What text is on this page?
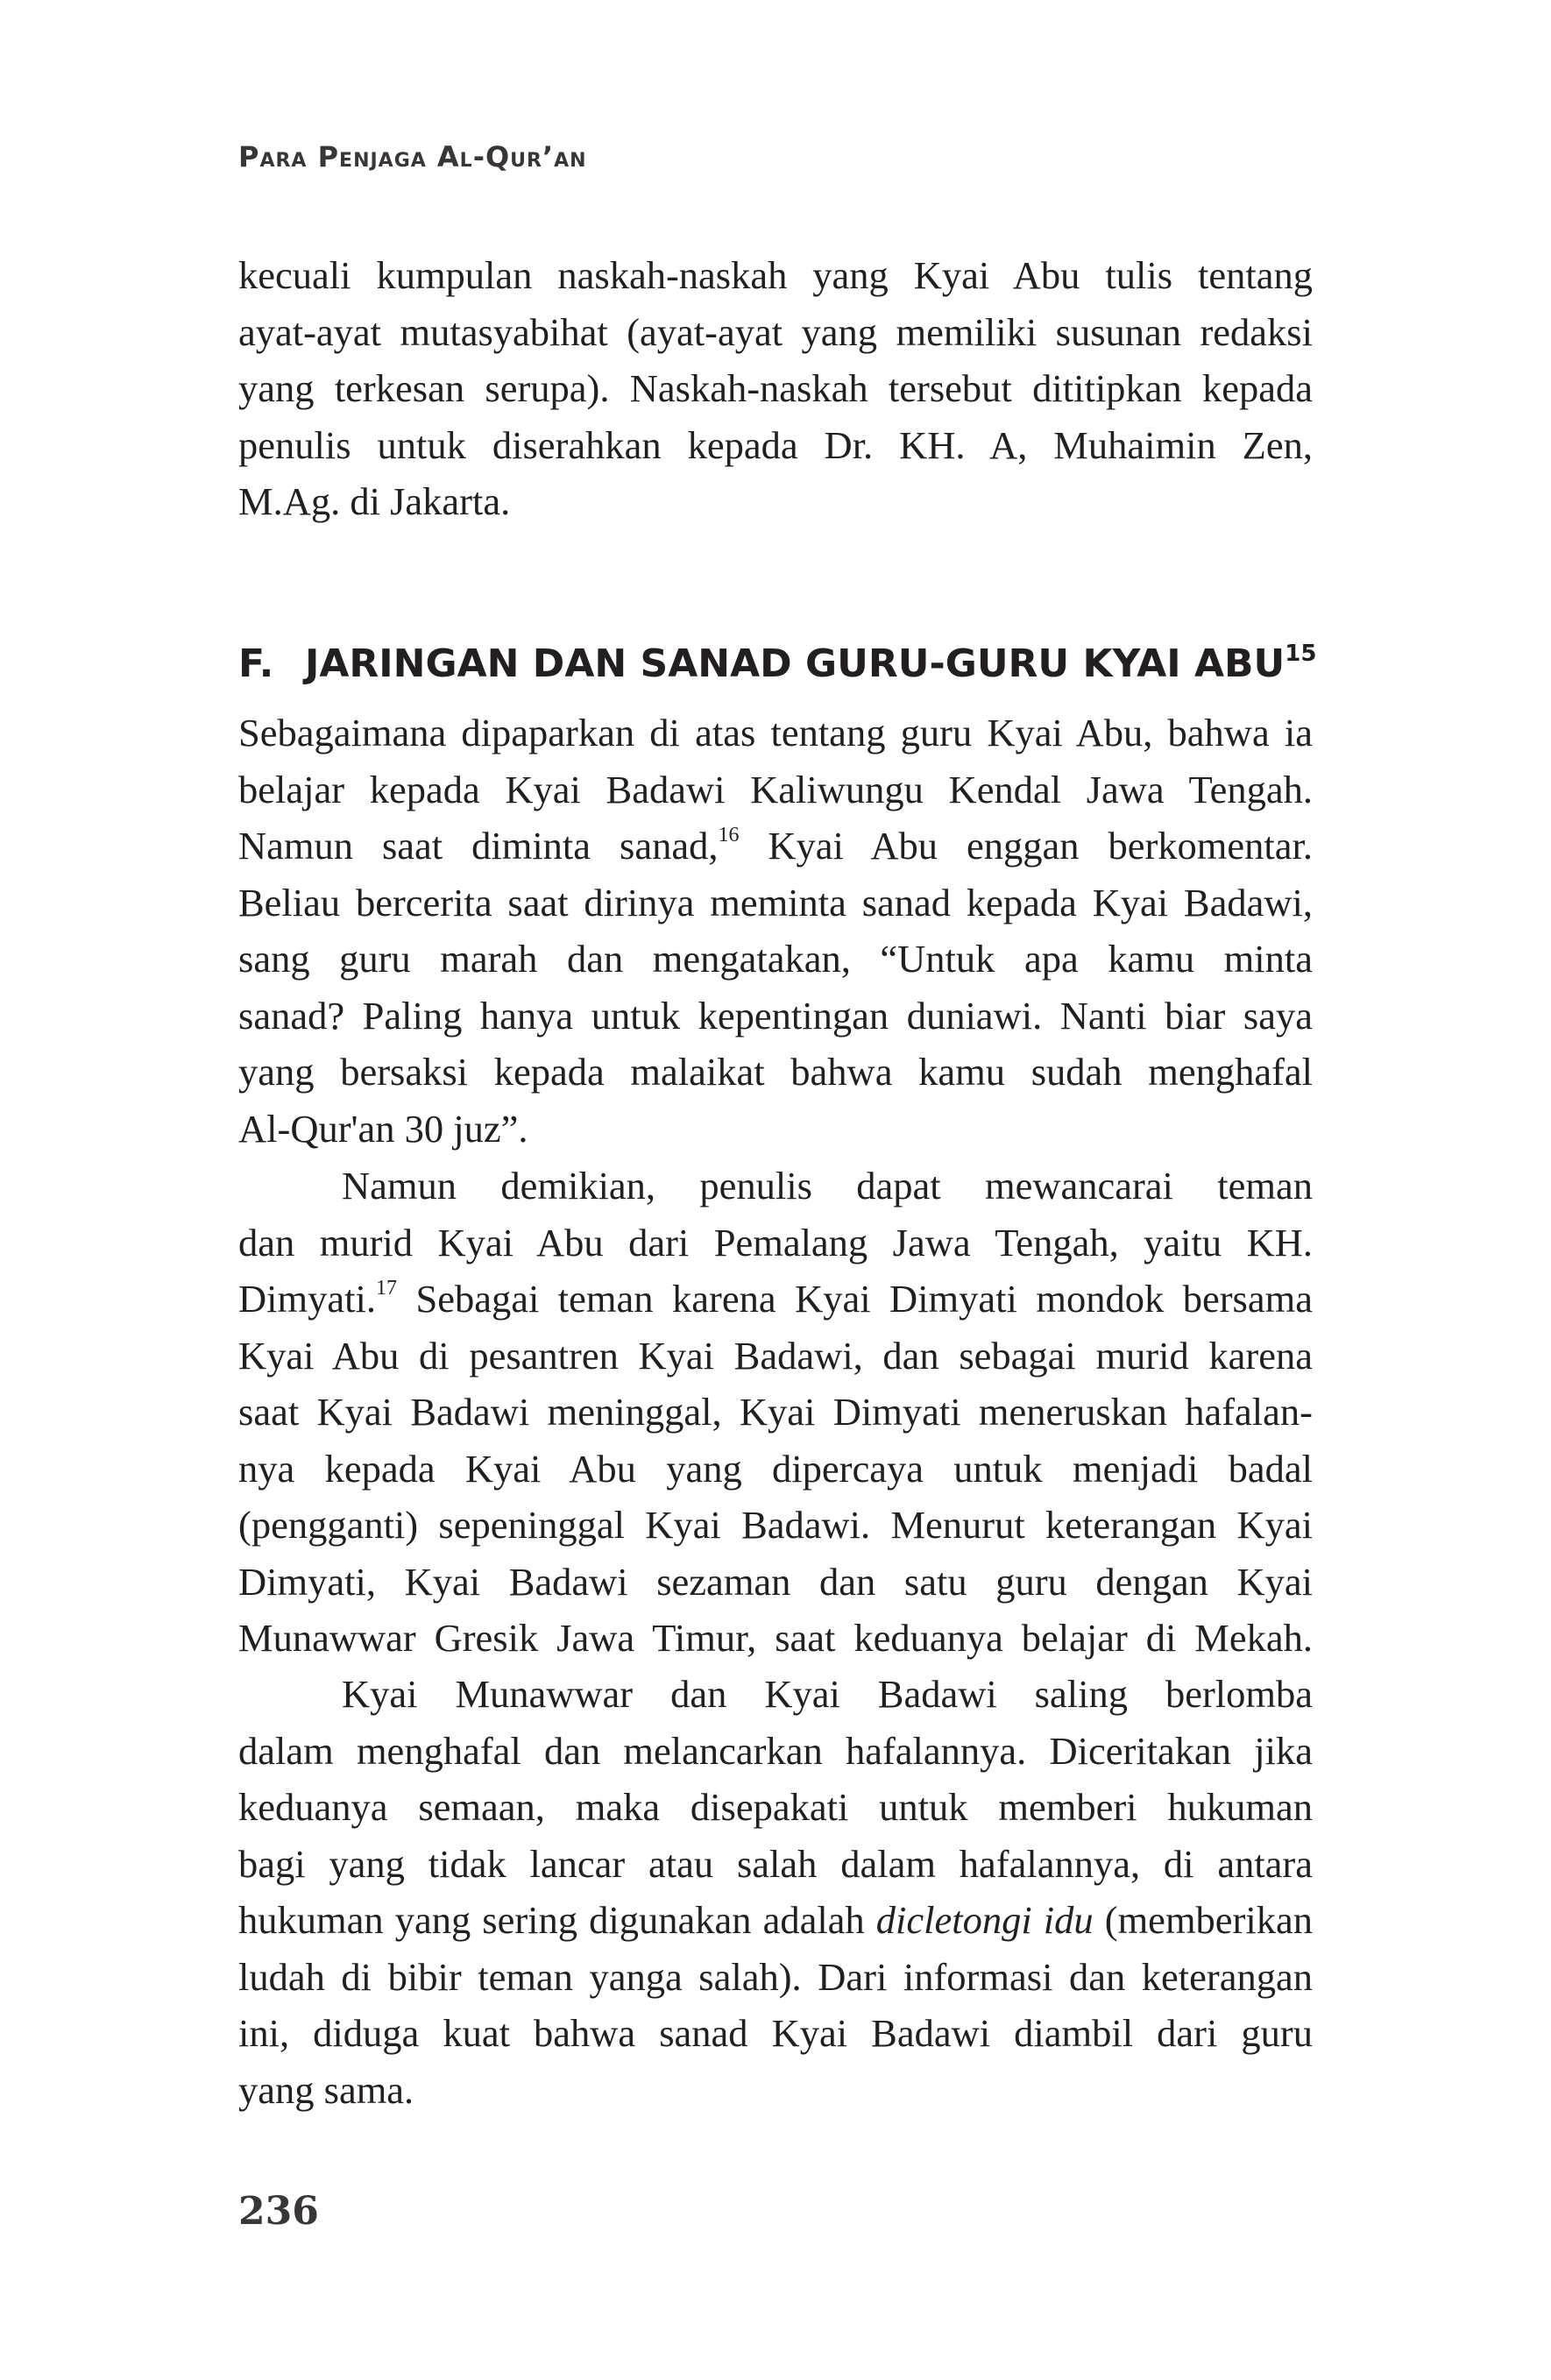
Para Penjaga Al-Qur’an

kecuali kumpulan naskah-naskah yang Kyai Abu tulis tentang
ayat-ayat mutasyabihat (ayat-ayat yang memiliki susunan redaksi
yang terkesan serupa). Naskah-naskah tersebut dititipkan kepada
penulis untuk diserahkan kepada Dr. KH. A, Muhaimin Zen,
M.Ag. di Jakarta.

F. JARINGAN DAN SANAD GURU-GURU KYAI ABU$^{15}$
Sebagaimana dipaparkan di atas tentang guru Kyai Abu, bahwa ia
belajar kepada Kyai Badawi Kaliwungu Kendal Jawa Tengah.
Namun saat diminta sanad,$^{16}$ Kyai Abu enggan berkomentar.
Beliau bercerita saat dirinya meminta sanad kepada Kyai Badawi,
sang guru marah dan mengatakan, “Untuk apa kamu minta
sanad? Paling hanya untuk kepentingan duniawi. Nanti biar saya
yang bersaksi kepada malaikat bahwa kamu sudah menghafal
Al-Qur'an 30 juz”.
Namun demikian, penulis dapat mewancarai teman
dan murid Kyai Abu dari Pemalang Jawa Tengah, yaitu KH.
Dimyati.$^{17}$ Sebagai teman karena Kyai Dimyati mondok bersama
Kyai Abu di pesantren Kyai Badawi, dan sebagai murid karena
saat Kyai Badawi meninggal, Kyai Dimyati meneruskan hafalan-
nya kepada Kyai Abu yang dipercaya untuk menjadi badal
(pengganti) sepeninggal Kyai Badawi. Menurut keterangan Kyai
Dimyati, Kyai Badawi sezaman dan satu guru dengan Kyai
Munawwar Gresik Jawa Timur, saat keduanya belajar di Mekah.
Kyai Munawwar dan Kyai Badawi saling berlomba
dalam menghafal dan melancarkan hafalannya. Diceritakan jika
keduanya semaan, maka disepakati untuk memberi hukuman
bagi yang tidak lancar atau salah dalam hafalannya, di antara
hukuman yang sering digunakan adalah dicletongi idu (memberikan
ludah di bibir teman yanga salah). Dari informasi dan keterangan
ini, diduga kuat bahwa sanad Kyai Badawi diambil dari guru
yang sama.
236
